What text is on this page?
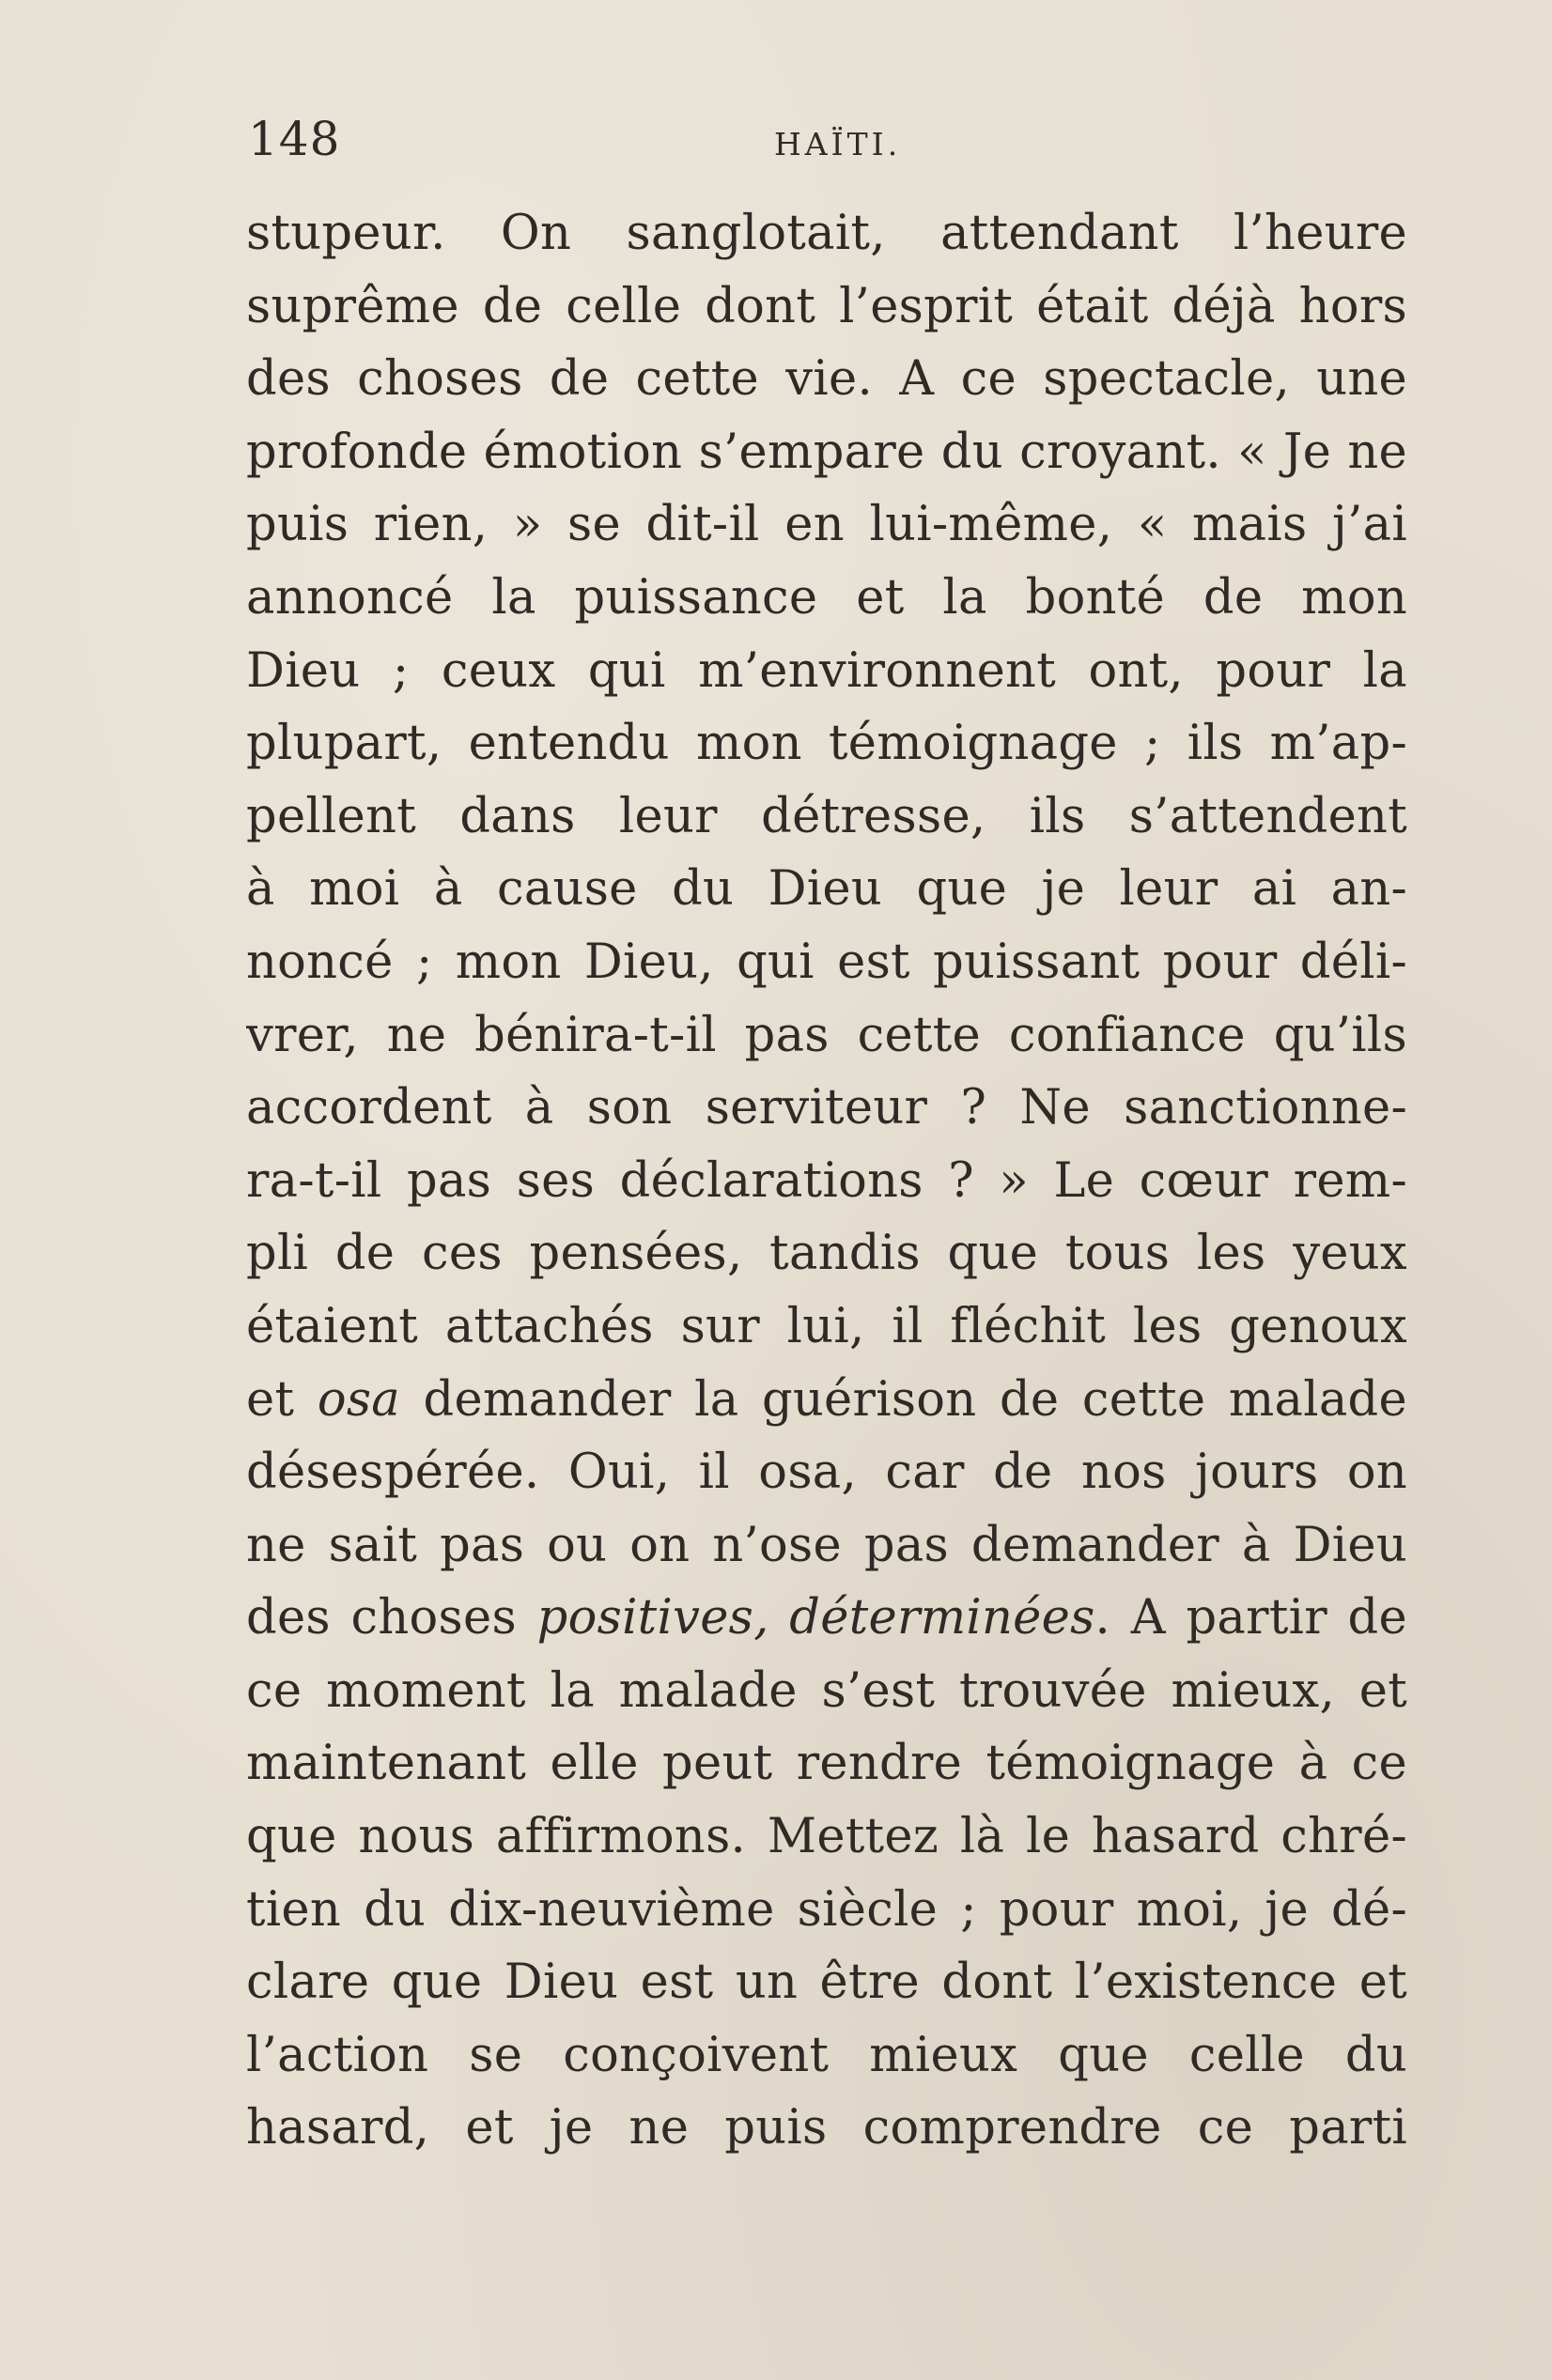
148	HAÏTI.
stupeur. On sanglotait, attendant l’heure
suprême de celle dont l’esprit était déjà hors
des choses de cette vie. A ce spectacle, une
profonde émotion s’empare du croyant. « Je ne
puis rien, » se dit-il en lui-même, « mais j’ai
annoncé la puissance et la bonté de mon
Dieu ; ceux qui m’environnent ont, pour la
plupart, entendu mon témoignage ; ils m’ap-
pellent dans leur détresse, ils s’attendent
à moi à cause du Dieu que je leur ai an-
noncé ; mon Dieu, qui est puissant pour déli-
vrer, ne bénira-t-il pas cette confiance qu’ils
accordent à son serviteur ? Ne sanctionne-
ra-t-il pas ses déclarations ? » Le cœur rem-
pli de ces pensées, tandis que tous les yeux
étaient attachés sur lui, il fléchit les genoux
et osa demander la guérison de cette malade
désespérée. Oui, il osa, car de nos jours on
ne sait pas ou on n’ose pas demander à Dieu
des choses positives, déterminées. A partir de
ce moment la malade s’est trouvée mieux, et
maintenant elle peut rendre témoignage à ce
que nous affirmons. Mettez là le hasard chré-
tien du dix-neuvième siècle ; pour moi, je dé-
clare que Dieu est un être dont l’existence et
l’action se conçoivent mieux que celle du
hasard, et je ne puis comprendre ce parti
